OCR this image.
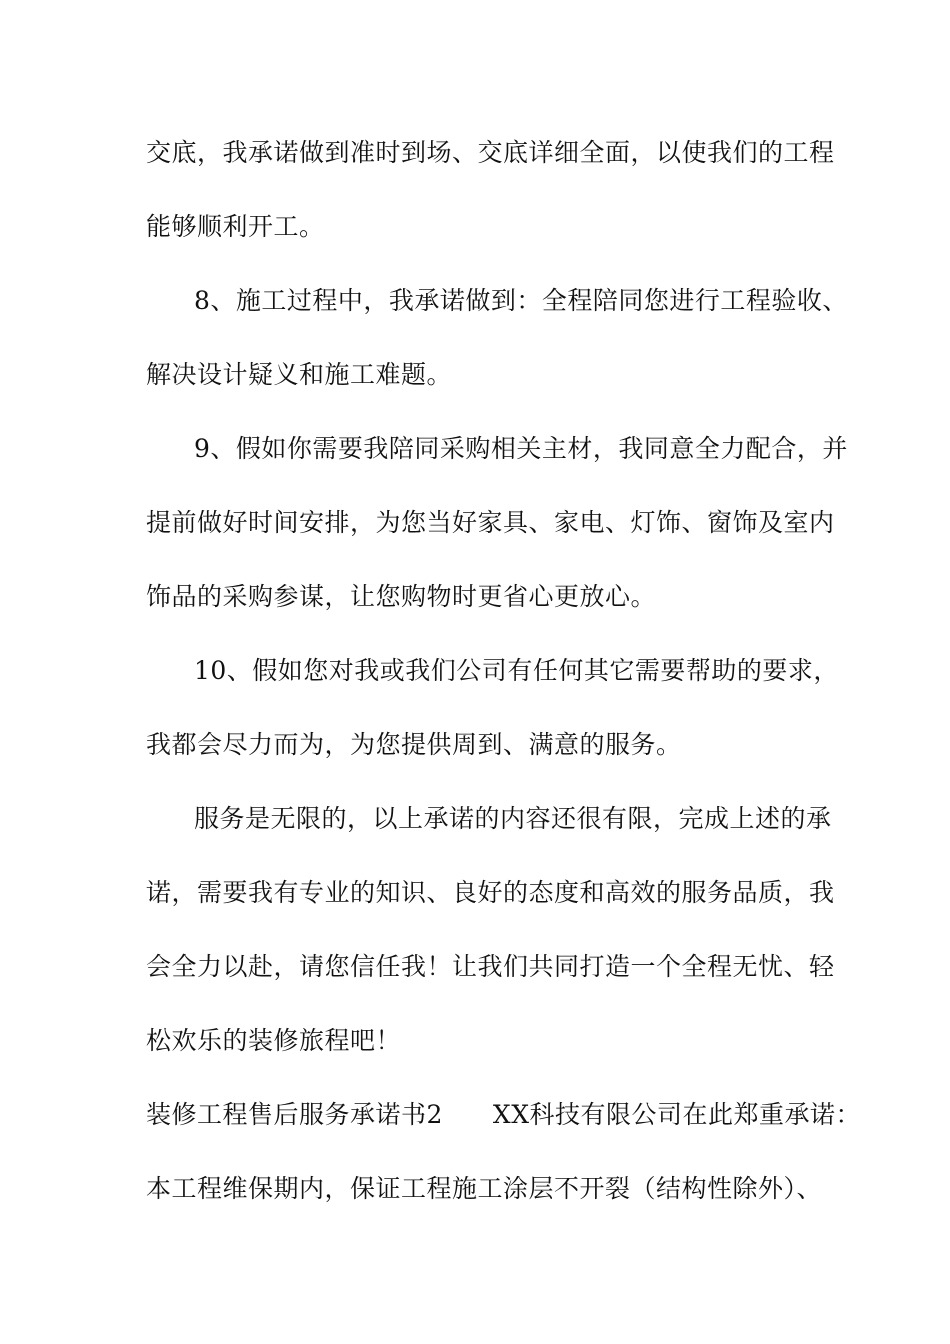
交底，我承诺做到准时到场、交底详细全面，以使我们的工程
能够顺利开工。
8、施工过程中，我承诺做到：全程陪同您进行工程验收、
解决设计疑义和施工难题。
9、假如你需要我陪同采购相关主材，我同意全力配合，并
提前做好时间安排，为您当好家具、家电、灯饰、窗饰及室内
饰品的采购参谋，让您购物时更省心更放心。
10、假如您对我或我们公司有任何其它需要帮助的要求，
我都会尽力而为，为您提供周到、满意的服务。
服务是无限的，以上承诺的内容还很有限，完成上述的承
诺，需要我有专业的知识、良好的态度和高效的服务品质，我
会全力以赴，请您信任我！让我们共同打造一个全程无忧、轻
松欢乐的装修旅程吧！
装修工程售后服务承诺书2 XX科技有限公司在此郑重承诺：
本工程维保期内，保证工程施工涂层不开裂（结构性除外）、
